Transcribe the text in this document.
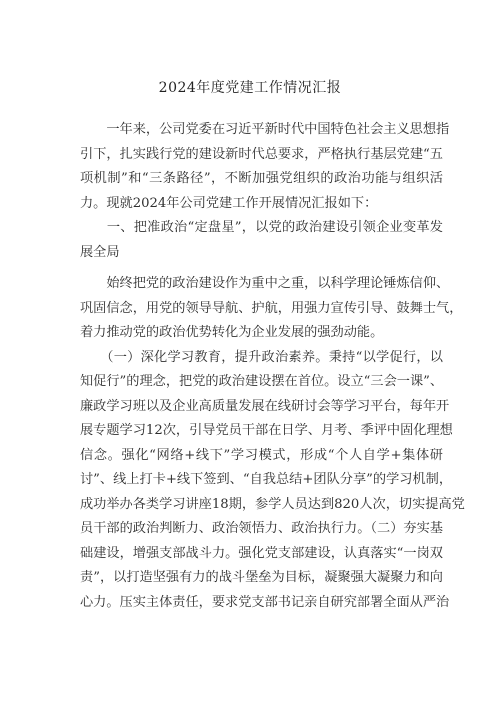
2024年度党建工作情况汇报
　　一年来，公司党委在习近平新时代中国特色社会主义思想指
引下，扎实践行党的建设新时代总要求，严格执行基层党建“五
项机制”和“三条路径”，不断加强党组织的政治功能与组织活
力。现就2024年公司党建工作开展情况汇报如下：
　　一、把准政治“定盘星”，以党的政治建设引领企业变革发
展全局
　　始终把党的政治建设作为重中之重，以科学理论锤炼信仰、
巩固信念，用党的领导导航、护航，用强力宣传引导、鼓舞士气，
着力推动党的政治优势转化为企业发展的强劲动能。
　　（一）深化学习教育，提升政治素养。秉持“以学促行，以
知促行”的理念，把党的政治建设摆在首位。设立“三会一课”、
廉政学习班以及企业高质量发展在线研讨会等学习平台，每年开
展专题学习12次，引导党员干部在日学、月考、季评中固化理想
信念。强化“网络+线下”学习模式，形成“个人自学+集体研
讨”、线上打卡+线下签到、“自我总结+团队分享”的学习机制，
成功举办各类学习讲座18期，参学人员达到820人次，切实提高党
员干部的政治判断力、政治领悟力、政治执行力。（二）夯实基
础建设，增强支部战斗力。强化党支部建设，认真落实“一岗双
责”，以打造坚强有力的战斗堡垒为目标，凝聚强大凝聚力和向
心力。压实主体责任，要求党支部书记亲自研究部署全面从严治
